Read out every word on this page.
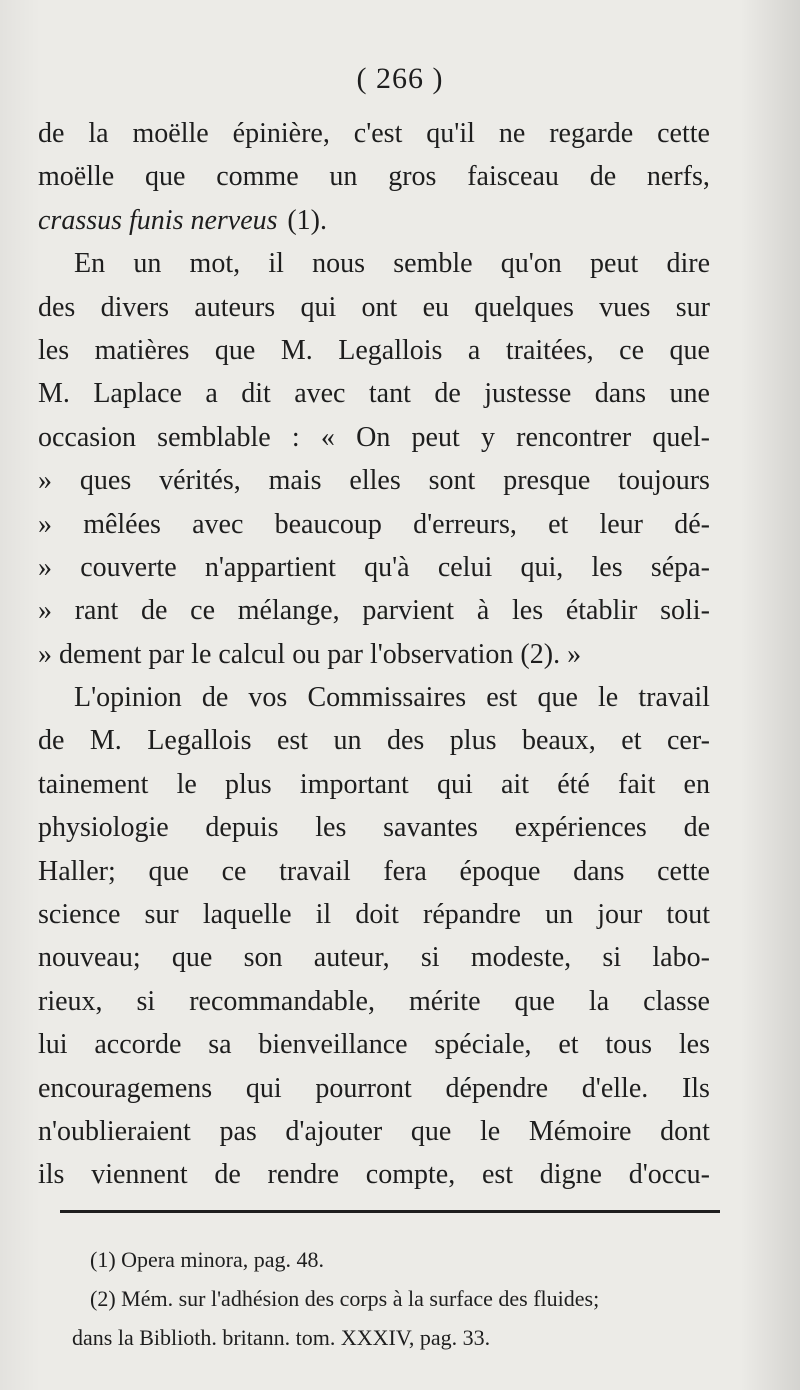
( 266 )
de la moëlle épinière, c'est qu'il ne regarde cette
moëlle que comme un gros faisceau de nerfs,
crassus funis nerveus (1).
En un mot, il nous semble qu'on peut dire
des divers auteurs qui ont eu quelques vues sur
les matières que M. Legallois a traitées, ce que
M. Laplace a dit avec tant de justesse dans une
occasion semblable : « On peut y rencontrer quel-
» ques vérités, mais elles sont presque toujours
» mêlées avec beaucoup d'erreurs, et leur dé-
» couverte n'appartient qu'à celui qui, les sépa-
» rant de ce mélange, parvient à les établir soli-
» dement par le calcul ou par l'observation (2). »
L'opinion de vos Commissaires est que le travail
de M. Legallois est un des plus beaux, et cer-
tainement le plus important qui ait été fait en
physiologie depuis les savantes expériences de
Haller; que ce travail fera époque dans cette
science sur laquelle il doit répandre un jour tout
nouveau; que son auteur, si modeste, si labo-
rieux, si recommandable, mérite que la classe
lui accorde sa bienveillance spéciale, et tous les
encouragemens qui pourront dépendre d'elle. Ils
n'oublieraient pas d'ajouter que le Mémoire dont
ils viennent de rendre compte, est digne d'occu-
(1) Opera minora, pag. 48.
(2) Mém. sur l'adhésion des corps à la surface des fluides;
dans la Biblioth. britann. tom. XXXIV, pag. 33.
